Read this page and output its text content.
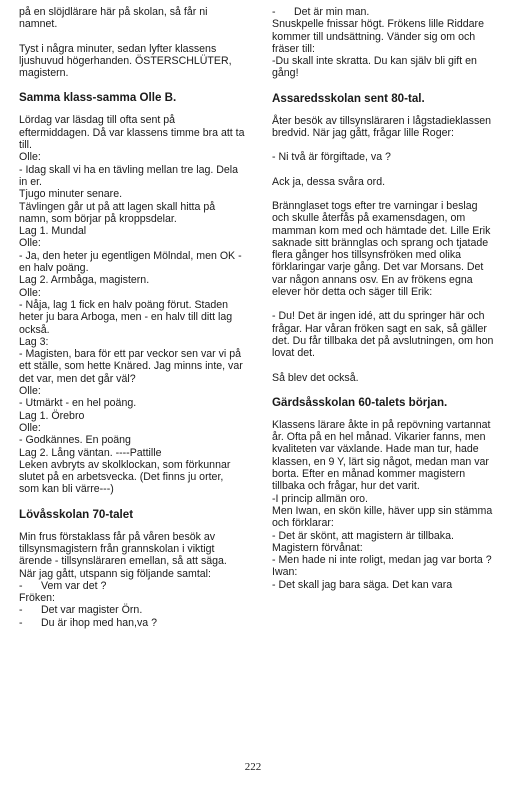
på en slöjdlärare här på skolan, så får ni namnet.
Tyst i några minuter, sedan lyfter klassens ljushuvud högerhanden. ÖSTERSCHLÜTER, magistern.
Samma klass-samma Olle B.
Lördag var läsdag till ofta sent på eftermiddagen. Då var klassens timme bra att ta till.
Olle:
- Idag skall vi ha en tävling mellan tre lag. Dela in er.
Tjugo minuter senare.
Tävlingen går ut på att lagen skall hitta på namn, som börjar på kroppsdelar.
Lag 1. Mundal
Olle:
- Ja, den heter ju egentligen Mölndal, men OK - en halv poäng.
Lag 2. Armbåga, magistern.
Olle:
- Nåja, lag 1 fick en halv poäng förut. Staden heter ju bara Arboga, men - en halv till ditt lag också.
Lag 3:
- Magisten, bara för ett par veckor sen var vi på ett ställe, som hette Knäred. Jag minns inte, var det var, men det går väl?
Olle:
- Utmärkt - en hel poäng.
Lag 1. Örebro
Olle:
- Godkännes. En poäng
Lag 2. Lång väntan. ----Pattille
Leken avbryts av skolklockan, som förkunnar slutet på en arbetsvecka. (Det finns ju orter, som kan bli värre---)
Lövåsskolan 70-talet
Min frus förstaklass får på våren besök av tillsynsmagistern från grannskolan i viktigt ärende - tillsynsläraren emellan, så att säga. När jag gått, utspann sig följande samtal:
-	Vem var det ?
Fröken:
-	Det var magister Örn.
-	Du är ihop med han,va ?
-	Det är min man.
Snuskpelle fnissar högt. Frökens lille Riddare kommer till undsättning. Vänder sig om och fräser till:
-Du skall inte skratta. Du kan själv bli gift en gång!
Assaredsskolan sent 80-tal.
Åter besök av tillsynsläraren i lågstadieklassen bredvid. När jag gått, frågar lille Roger:
- Ni två är förgiftade, va ?
Ack ja, dessa svåra ord.
Brännglaset togs efter tre varningar i beslag och skulle återfås på examensdagen, om mamman kom med och hämtade det. Lille Erik saknade sitt brännglas och sprang och tjatade flera gånger hos tillsynsfröken med olika förklaringar varje gång. Det var Morsans. Det var någon annans osv. En av frökens egna elever hör detta och säger till Erik:
- Du! Det är ingen idé, att du springer här och frågar. Har våran fröken sagt en sak, så gäller det. Du får tillbaka det på avslutningen, om hon lovat det.
Så blev det också.
Gärdsåsskolan 60-talets början.
Klassens lärare åkte in på repövning vartannat år. Ofta på en hel månad. Vikarier fanns, men kvaliteten var växlande. Hade man tur, hade klassen, en 9 Y, lärt sig något, medan man var borta. Efter en månad kommer magistern tillbaka och frågar, hur det varit.
-I princip allmän oro.
Men Iwan, en skön kille, häver upp sin stämma och förklarar:
- Det är skönt, att magistern är tillbaka.
Magistern förvånat:
- Men hade ni inte roligt, medan jag var borta ?
Iwan:
- Det skall jag bara säga. Det kan vara
222
